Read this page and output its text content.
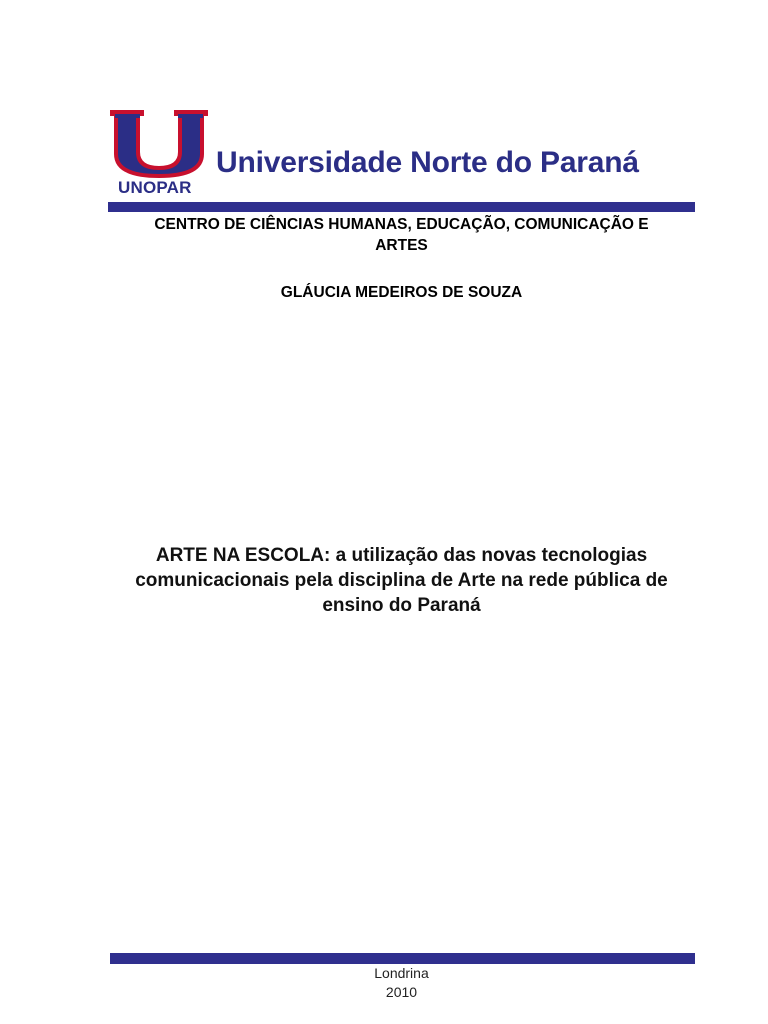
UNOPAR
Universidade Norte do Paraná
CENTRO DE CIÊNCIAS HUMANAS, EDUCAÇÃO, COMUNICAÇÃO E
ARTES
GLÁUCIA MEDEIROS DE SOUZA
ARTE NA ESCOLA: a utilização das novas tecnologias comunicacionais pela disciplina de Arte na rede pública de ensino do Paraná
Londrina
2010
